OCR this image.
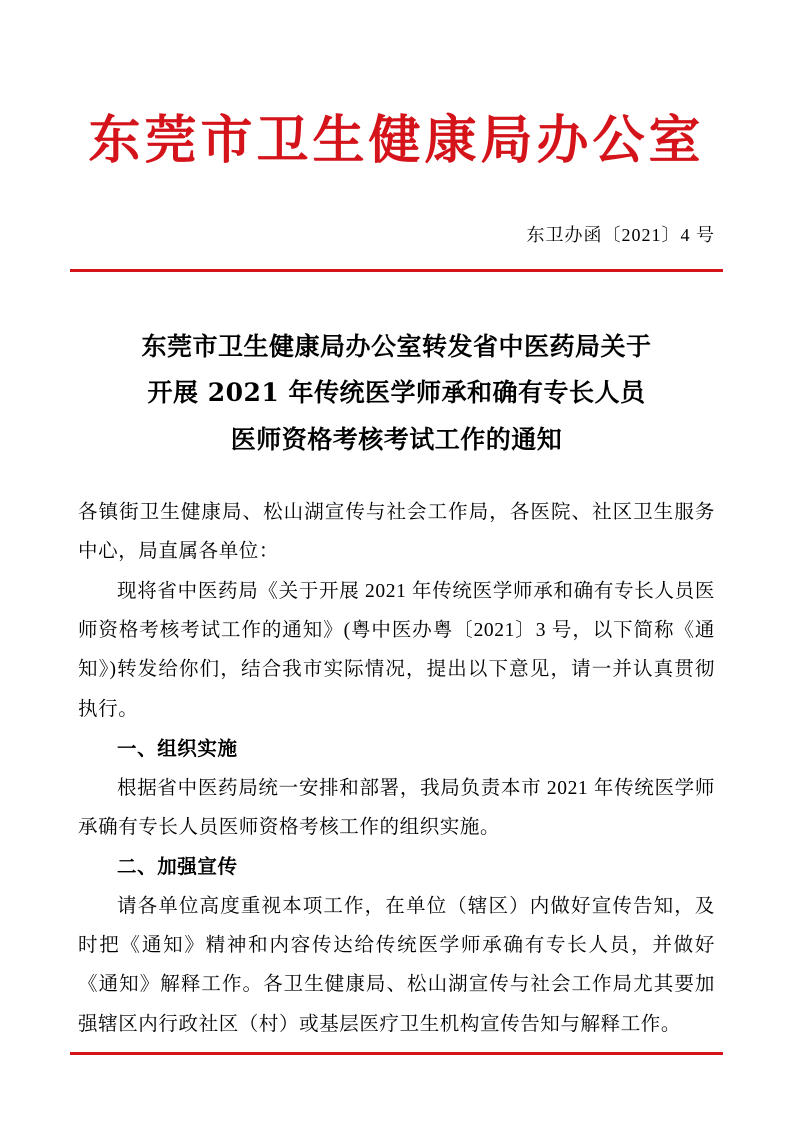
东莞市卫生健康局办公室
东卫办函〔2021〕4 号
东莞市卫生健康局办公室转发省中医药局关于
开展 2021 年传统医学师承和确有专长人员
医师资格考核考试工作的通知

各镇街卫生健康局、松山湖宣传与社会工作局，各医院、社区卫生服务中心，局直属各单位：

现将省中医药局《关于开展 2021 年传统医学师承和确有专长人员医师资格考核考试工作的通知》(粤中医办粤〔2021〕3 号，以下简称《通知》)转发给你们，结合我市实际情况，提出以下意见，请一并认真贯彻执行。

一、组织实施

根据省中医药局统一安排和部署，我局负责本市 2021 年传统医学师承确有专长人员医师资格考核工作的组织实施。

二、加强宣传

请各单位高度重视本项工作，在单位（辖区）内做好宣传告知，及时把《通知》精神和内容传达给传统医学师承确有专长人员，并做好《通知》解释工作。各卫生健康局、松山湖宣传与社会工作局尤其要加强辖区内行政社区（村）或基层医疗卫生机构宣传告知与解释工作。
